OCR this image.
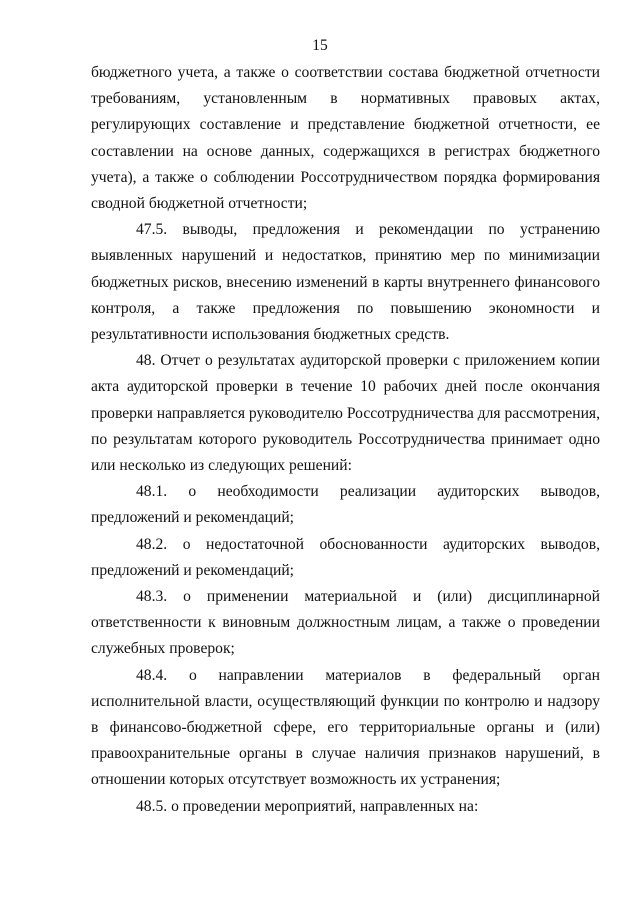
15

бюджетного учета, а также о соответствии состава бюджетной отчетности требованиям, установленным в нормативных правовых актах, регулирующих составление и представление бюджетной отчетности, ее составлении на основе данных, содержащихся в регистрах бюджетного учета), а также о соблюдении Россотрудничеством порядка формирования сводной бюджетной отчетности;

47.5. выводы, предложения и рекомендации по устранению выявленных нарушений и недостатков, принятию мер по минимизации бюджетных рисков, внесению изменений в карты внутреннего финансового контроля, а также предложения по повышению экономности и результативности использования бюджетных средств.

48. Отчет о результатах аудиторской проверки с приложением копии акта аудиторской проверки в течение 10 рабочих дней после окончания проверки направляется руководителю Россотрудничества для рассмотрения, по результатам которого руководитель Россотрудничества принимает одно или несколько из следующих решений:

48.1. о необходимости реализации аудиторских выводов, предложений и рекомендаций;

48.2. о недостаточной обоснованности аудиторских выводов, предложений и рекомендаций;

48.3. о применении материальной и (или) дисциплинарной ответственности к виновным должностным лицам, а также о проведении служебных проверок;

48.4. о направлении материалов в федеральный орган исполнительной власти, осуществляющий функции по контролю и надзору в финансово-бюджетной сфере, его территориальные органы и (или) правоохранительные органы в случае наличия признаков нарушений, в отношении которых отсутствует возможность их устранения;

48.5. о проведении мероприятий, направленных на:
